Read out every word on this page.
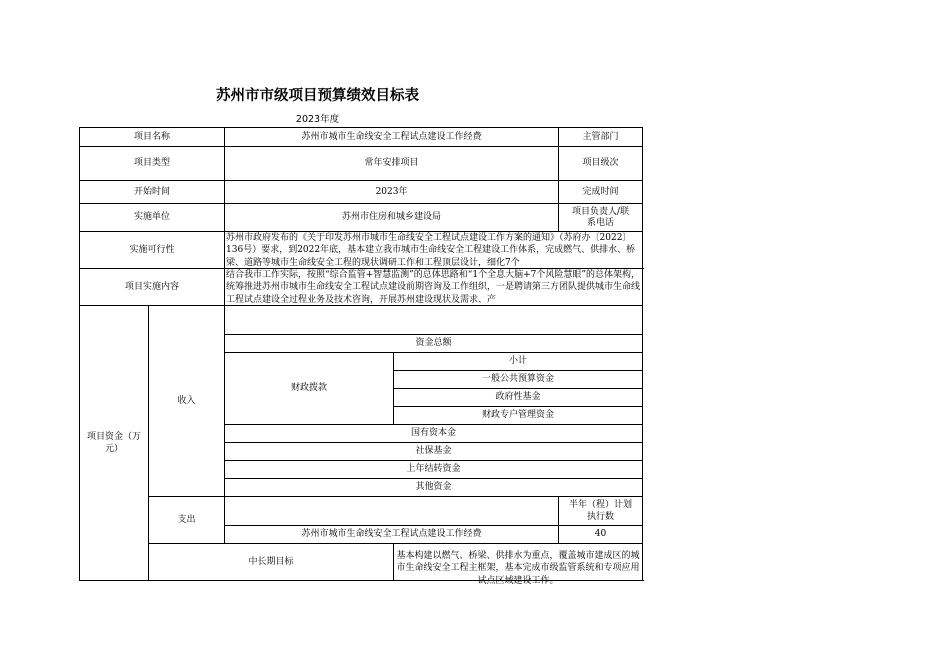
苏州市市级项目预算绩效目标表
2023年度
项目名称		苏州市城市生命线安全工程试点建设工作经费		主管部门	

项目类型		常年安排项目		项目级次	
开始时间		2023年		完成时间	
实施单位		苏州市住房和城乡建设局		项目负责人/联系电话	

实施可行性		苏州市政府发布的《关于印发苏州市城市生命线安全工程试点建设工作方案的通知》（苏府办〔2022〕136号）要求，到2022年底，基本建立我市城市生命线安全工程建设工作体系，完成燃气、供排水、桥梁、道路等城市生命线安全工程的现状调研工作和工程顶层设计，细化7个			

项目实施内容		结合我市工作实际，按照“综合监管+智慧监测”的总体思路和“1个全息大脑+7个风险慧眼”的总体架构，统筹推进苏州市城市生命线安全工程试点建设前期咨询及工作组织，一是聘请第三方团队提供城市生命线工程试点建设全过程业务及技术咨询，开展苏州建设现状及需求、产			

项目资金（万元）	收入		

		资金总额	
		财政拨款	小计	
			一般公共预算资金	
			政府性基金		
			财政专户管理资金		
		国有资本金			
		社保基金	
		上年结转资金	
		其他资金	
	支出			半年（程）计划执行数

		苏州市城市生命线安全工程试点建设工作经费		40	
	中长期目标		基本构建以燃气、桥梁、供排水为重点，覆盖城市建成区的城市生命线安全工程主框架，基本完成市级监管系统和专项应用试点区域建设工作。		
